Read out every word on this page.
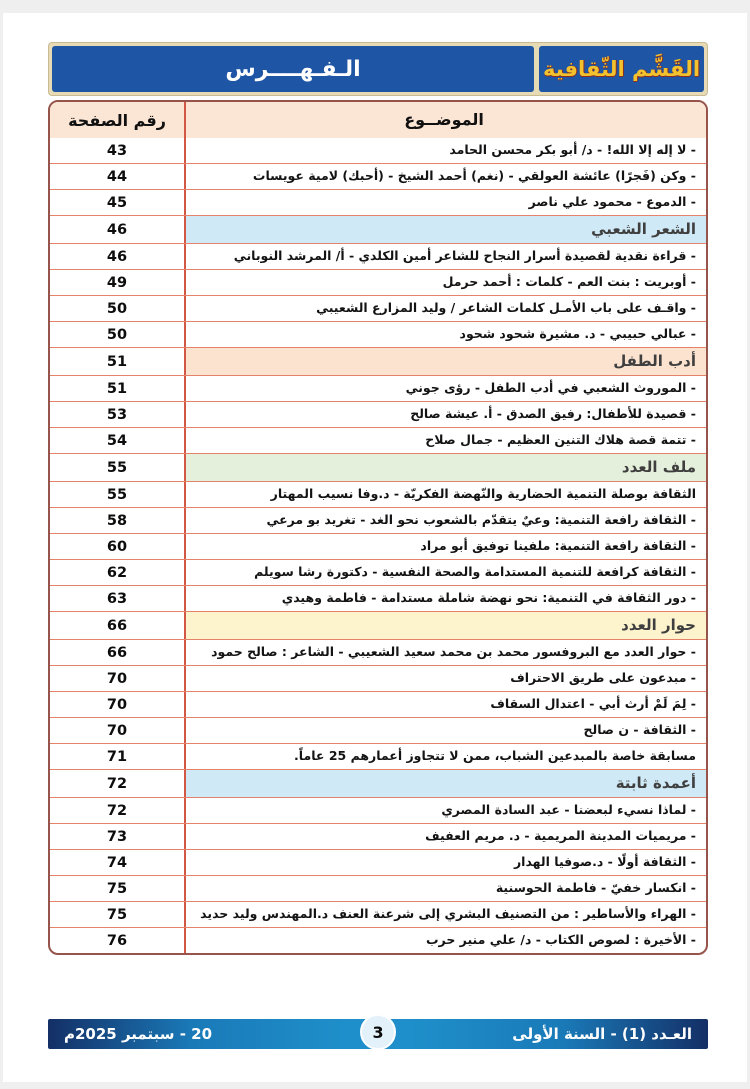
القَشَّم الثّقافية
الـفـهــــرس
الموضــوع
رقم الصفحة
- لا إله إلا الله! - د/ أبو بكر محسن الحامد
43
- وكن (فَجرًا) عائشة العولقي - (نغم) أحمد الشيخ - (أحبك) لامية عويسات
44
- الدموع - محمود علي ناصر
45
الشعر الشعبي
46
- قراءة نقدية لقصيدة أسرار النجاح للشاعر أمين الكلدي - أ/ المرشد النوباني
46
- أوبريت : بنت العم - كلمات : أحمد حرمل
49
- واقـف على باب الأمـل كلمات الشاعر / وليد المزارع الشعيبي
50
- عبالي حبيبي - د. مشيرة شحود شحود
50
أدب الطفل
51
- الموروث الشعبي في أدب الطفل - رؤى جوني
51
- قصيدة للأطفال: رفيق الصدق - أ. عيشة صالح
53
- تتمة قصة هلاك التنين العظيم - جمال صلاح
54
ملف العدد
55
الثقافة بوصلة التنمية الحضارية والنّهضة الفكريّة - د.وفا نسيب المهتار
55
- الثقافة رافعة التنمية: وعيٌ يتقدّم بالشعوب نحو الغد - تغريد بو مرعي
58
- الثقافة رافعة التنمية: ملفينا توفيق أبو مراد
60
- الثقافة كرافعة للتنمية المستدامة والصحة النفسية - دكتورة رشا سويلم
62
- دور الثقافة في التنمية: نحو نهضة شاملة مستدامة - فاطمة وهيدي
63
حوار العدد
66
- حوار العدد مع البروفسور محمد بن محمد سعيد الشعيبي - الشاعر : صالح حمود
66
- مبدعون على طريق الاحتراف
70
- لِمَ لَمْ أرث أبي - اعتدال السقاف
70
- الثقافة - ن صالح
70
مسابقة خاصة بالمبدعين الشباب، ممن لا تتجاوز أعمارهم 25 عاماً.
71
أعمدة ثابتة
72
- لماذا نسيء لبعضنا - عبد السادة المصري
72
- مريميات المدينة المريمية - د. مريم العفيف
73
- الثقافة أولًا - د.صوفيا الهدار
74
- انكسار خفيّ - فاطمة الحوسنية
75
- الهراء والأساطير : من التصنيف البشري إلى شرعنة العنف د.المهندس وليد حديد
75
- الأخيرة : لصوص الكتاب - د/ علي منير حرب
76
العـدد (1) - السنة الأولى
20 - سبتمبر 2025م	3
